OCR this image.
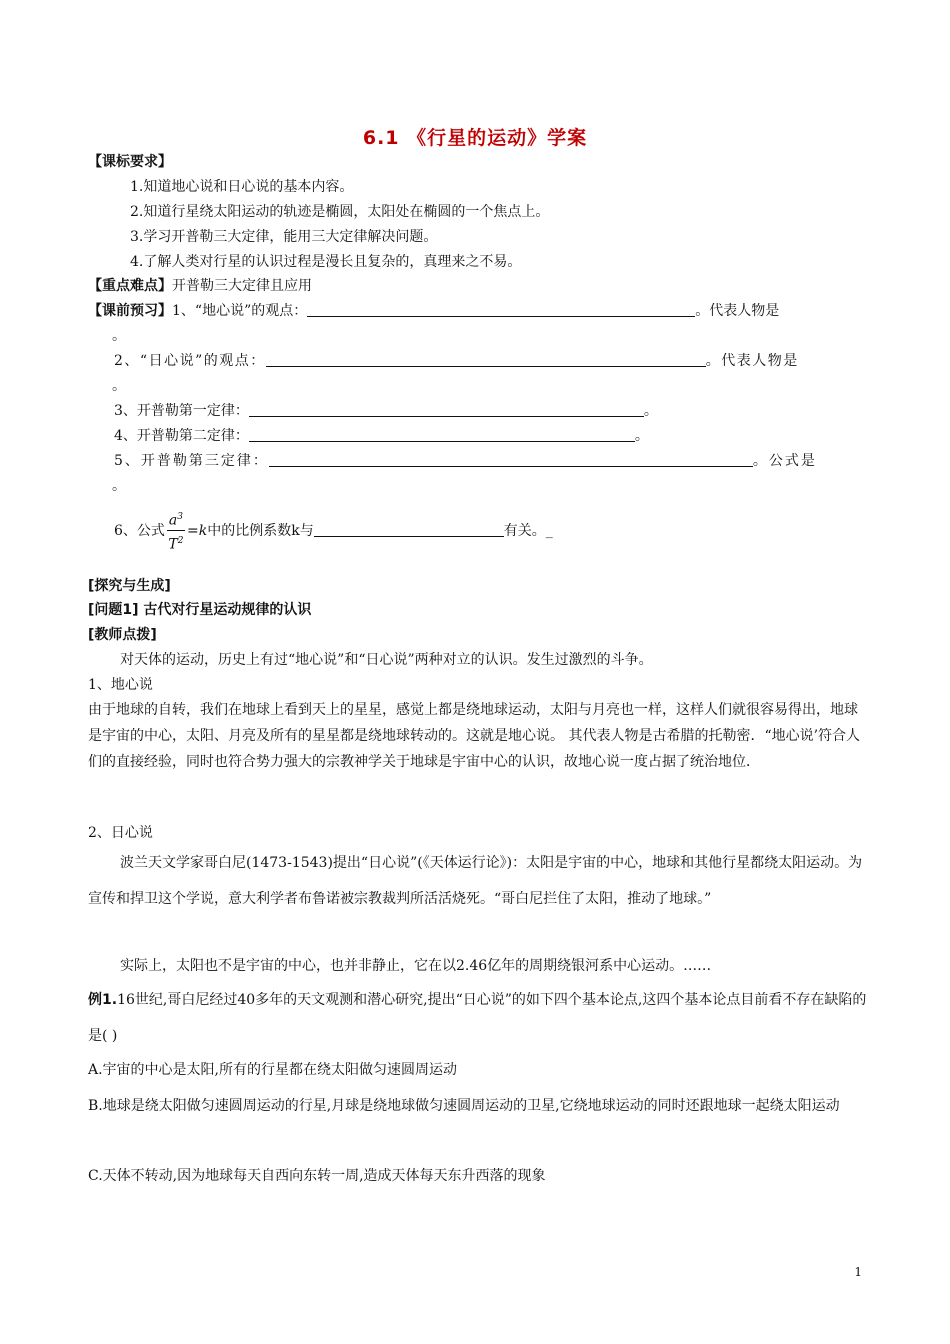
6.1 《行星的运动》学案
【课标要求】
1.知道地心说和日心说的基本内容。
2.知道行星绕太阳运动的轨迹是椭圆，太阳处在椭圆的一个焦点上。
3.学习开普勒三大定律，能用三大定律解决问题。
4.了解人类对行星的认识过程是漫长且复杂的，真理来之不易。
【重点难点】开普勒三大定律且应用
【课前预习】1、“地心说”的观点：	。代表人物是
。
2、“日心说”的观点：	。代表人物是
。
3、开普勒第一定律：	。
4、开普勒第二定律：	。
5、开普勒第三定律：	。公式是
。
6、公式 $\frac{a^3}{T^2} =k$中的比例系数k与	有关。_
[探究与生成]
[问题1] 古代对行星运动规律的认识
[教师点拨]
对天体的运动，历史上有过“地心说”和“日心说”两种对立的认识。发生过激烈的斗争。
1、地心说
由于地球的自转，我们在地球上看到天上的星星，感觉上都是绕地球运动，太阳与月亮也一样，这样人们就很容易得出，地球是宇宙的中心，太阳、月亮及所有的星星都是绕地球转动的。这就是地心说。 其代表人物是古希腊的托勒密．“地心说’符合人们的直接经验，同时也符合势力强大的宗教神学关于地球是宇宙中心的认识，故地心说一度占据了统治地位．
2、日心说
波兰天文学家哥白尼(1473-1543)提出“日心说”(《天体运行论》)：太阳是宇宙的中心，地球和其他行星都绕太阳运动。为宣传和捍卫这个学说，意大利学者布鲁诺被宗教裁判所活活烧死。“哥白尼拦住了太阳，推动了地球。”
实际上，太阳也不是宇宙的中心，也并非静止，它在以2.46亿年的周期绕银河系中心运动。……
例1.16世纪,哥白尼经过40多年的天文观测和潜心研究,提出“日心说”的如下四个基本论点,这四个基本论点目前看不存在缺陷的是( )
A.宇宙的中心是太阳,所有的行星都在绕太阳做匀速圆周运动
B.地球是绕太阳做匀速圆周运动的行星,月球是绕地球做匀速圆周运动的卫星,它绕地球运动的同时还跟地球一起绕太阳运动
C.天体不转动,因为地球每天自西向东转一周,造成天体每天东升西落的现象
1
